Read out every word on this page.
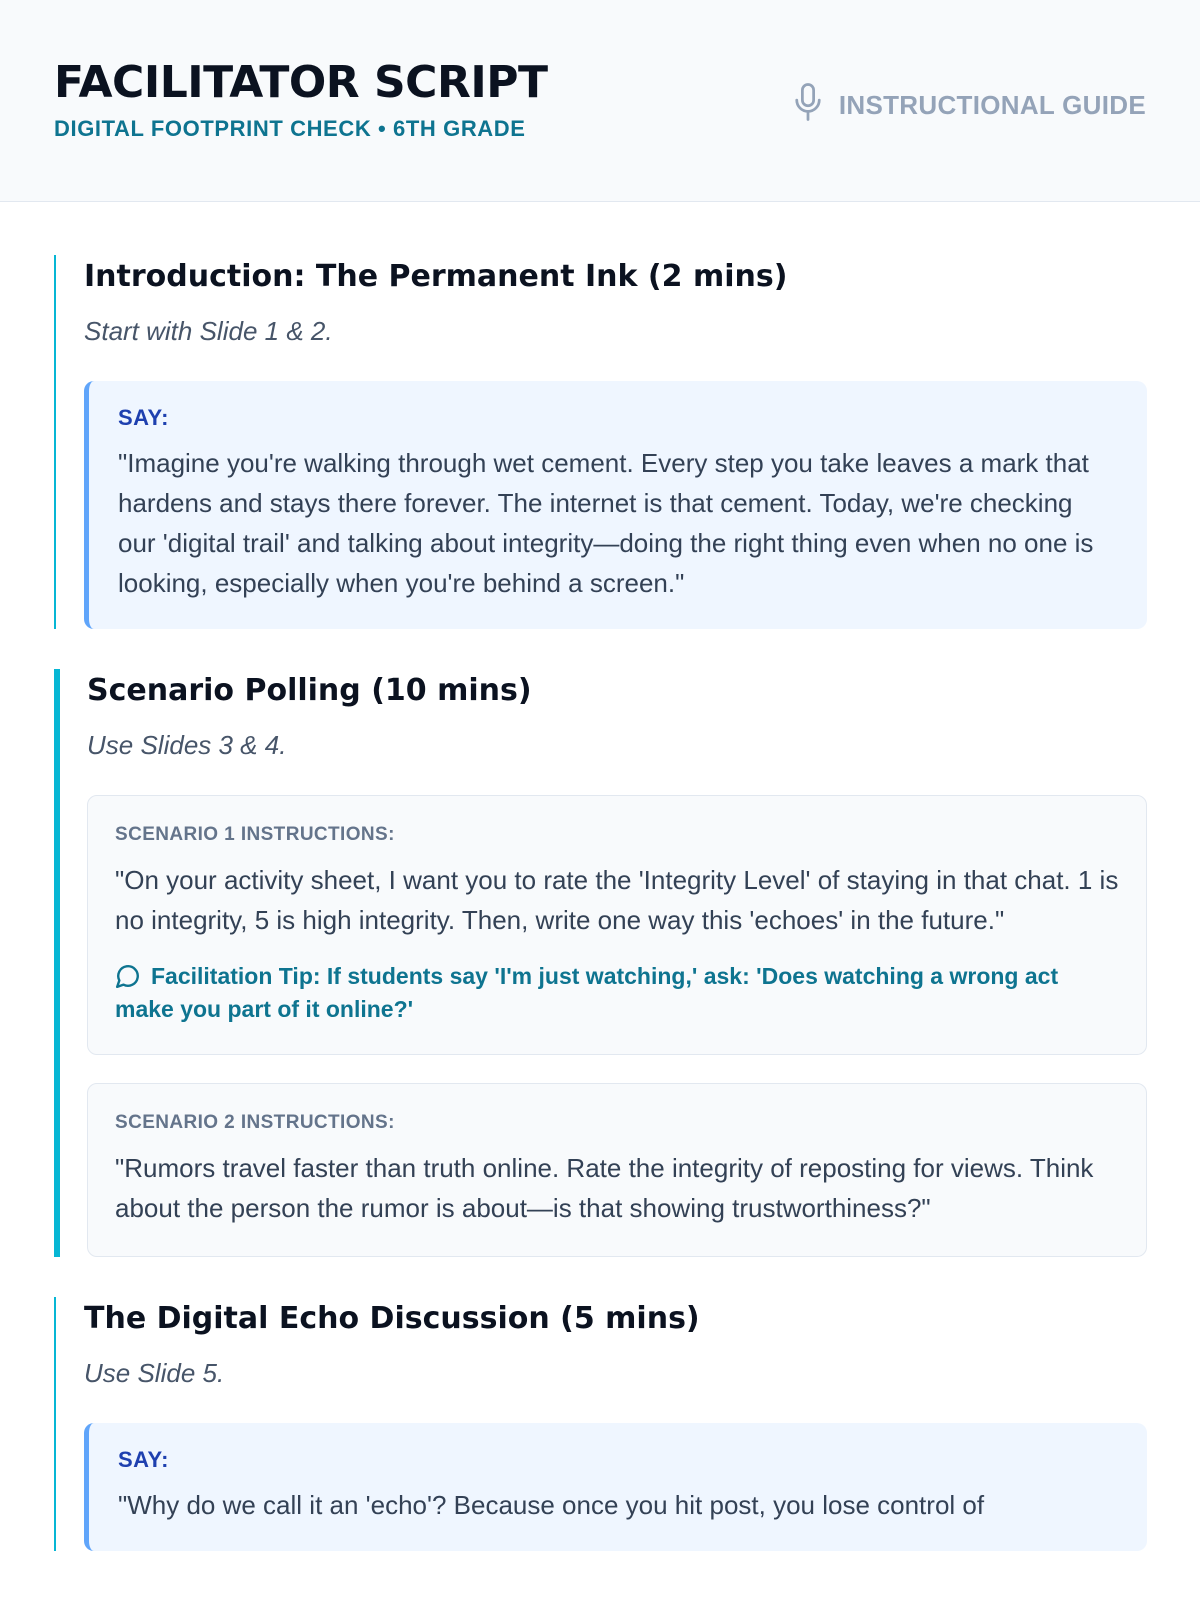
FACILITATOR SCRIPT
DIGITAL FOOTPRINT CHECK • 6TH GRADE
INSTRUCTIONAL GUIDE
Introduction: The Permanent Ink (2 mins)

Start with Slide 1 & 2.

SAY:
"Imagine you're walking through wet cement. Every step you take leaves a mark that hardens and stays there forever. The internet is that cement. Today, we're checking our 'digital trail' and talking about integrity—doing the right thing even when no one is looking, especially when you're behind a screen."
Scenario Polling (10 mins)

Use Slides 3 & 4.

SCENARIO 1 INSTRUCTIONS:
"On your activity sheet, I want you to rate the 'Integrity Level' of staying in that chat. 1 is no integrity, 5 is high integrity. Then, write one way this 'echoes' in the future."
Facilitation Tip: If students say 'I'm just watching,' ask: 'Does watching a wrong act make you part of it online?'
SCENARIO 2 INSTRUCTIONS:
"Rumors travel faster than truth online. Rate the integrity of reposting for views. Think about the person the rumor is about—is that showing trustworthiness?"
The Digital Echo Discussion (5 mins)

Use Slide 5.

SAY:
"Why do we call it an 'echo'? Because once you hit post, you lose control of
